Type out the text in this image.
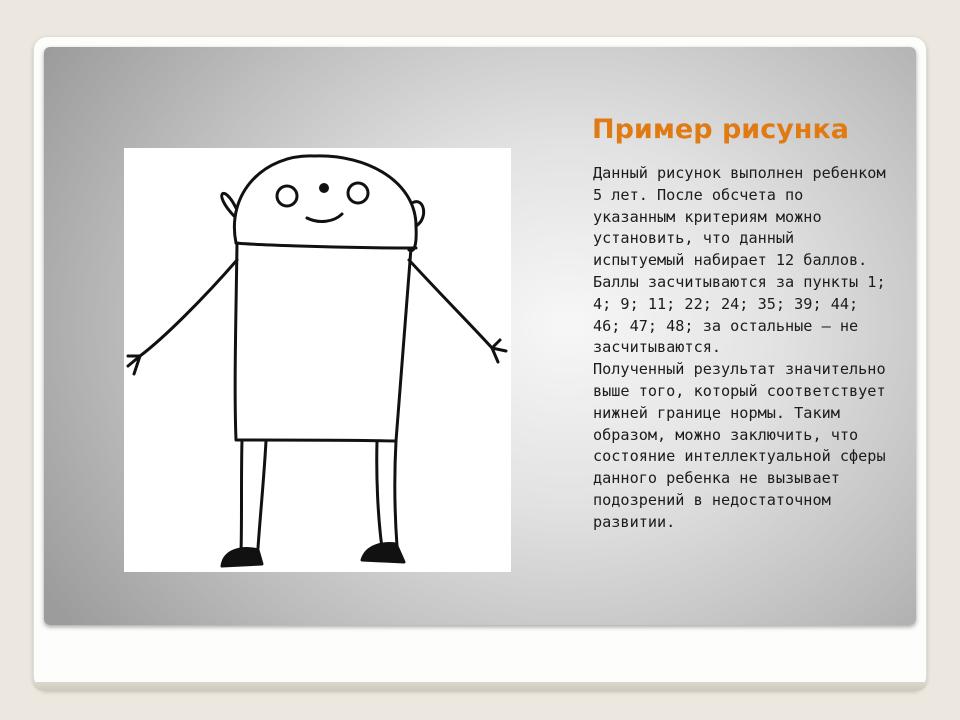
Пример рисунка

Данный рисунок выполнен ребенком 5 лет. После обсчета по указанным критериям можно установить, что данный испытуемый набирает 12 баллов. Баллы засчитываются за пункты 1; 4; 9; 11; 22; 24; 35; 39; 44; 46; 47; 48; за остальные — не засчитываются.

Полученный результат значительно выше того, который соответствует нижней границе нормы. Таким образом, можно заключить, что состояние интеллектуальной сферы данного ребенка не вызывает подозрений в недостаточном развитии.
